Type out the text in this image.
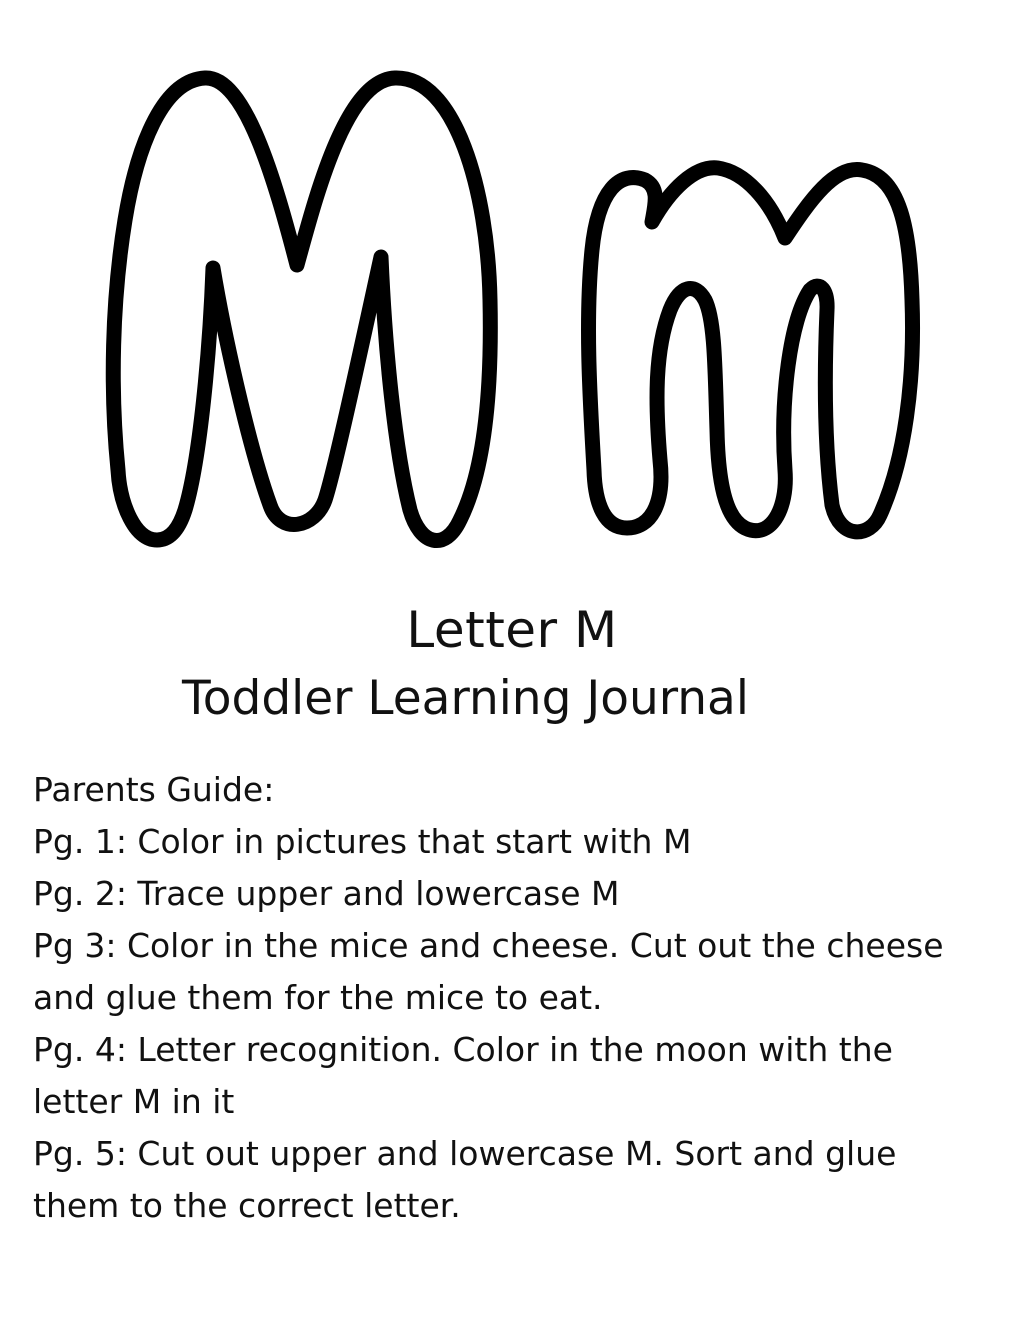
Letter M
Toddler Learning Journal
Parents Guide:
Pg. 1: Color in pictures that start with M
Pg. 2: Trace upper and lowercase M
Pg 3: Color in the mice and cheese. Cut out the cheese
and glue them for the mice to eat.
Pg. 4: Letter recognition. Color in the moon with the
letter M in it
Pg. 5: Cut out upper and lowercase M. Sort and glue
them to the correct letter.
